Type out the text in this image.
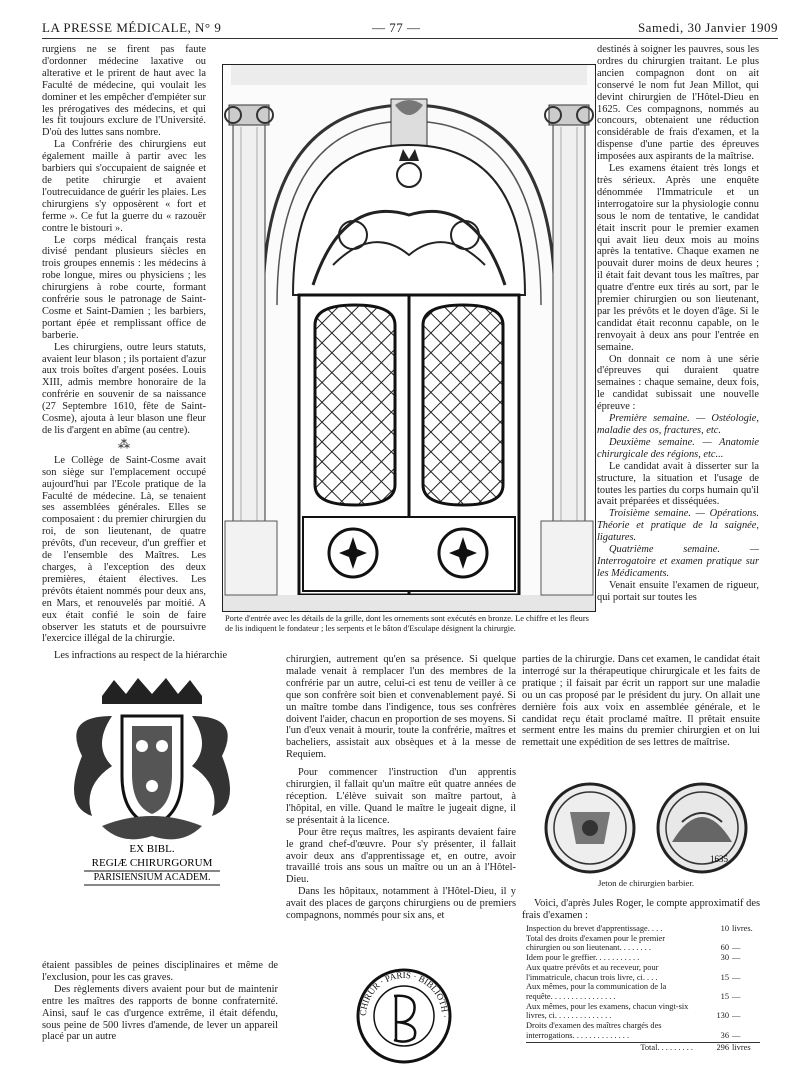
LA PRESSE MÉDICALE, N° 9	— 77 —	Samedi, 30 Janvier 1909

rurgiens ne se firent pas faute d'ordonner médecine laxative ou alterative et le prirent de haut avec la Faculté de médecine, qui voulait les dominer et les empêcher d'empiéter sur les prérogatives des médecins, et qui les fit toujours exclure de l'Université. D'où des luttes sans nombre.

La Confrérie des chirurgiens eut également maille à partir avec les barbiers qui s'occupaient de saignée et de petite chirurgie et avaient l'outrecuidance de guérir les plaies. Les chirurgiens s'y opposèrent « fort et ferme ». Ce fut la guerre du « razouër contre le bistouri ».

Le corps médical français resta divisé pendant plusieurs siècles en trois groupes ennemis : les médecins à robe longue, mires ou physiciens ; les chirurgiens à robe courte, formant confrérie sous le patronage de Saint-Cosme et Saint-Damien ; les barbiers, portant épée et remplissant office de barberie.

Les chirurgiens, outre leurs statuts, avaient leur blason ; ils portaient d'azur aux trois boîtes d'argent posées. Louis XIII, admis membre honoraire de la confrérie en souvenir de sa naissance (27 Septembre 1610, fête de Saint-Cosme), ajouta à leur blason une fleur de lis d'argent en abîme (au centre).

⁂

Le Collège de Saint-Cosme avait son siège sur l'emplacement occupé aujourd'hui par l'Ecole pratique de la Faculté de médecine. Là, se tenaient ses assemblées générales. Elles se composaient : du premier chirurgien du roi, de son lieutenant, de quatre prévôts, d'un receveur, d'un greffier et de l'ensemble des Maîtres. Les charges, à l'exception des deux premières, étaient électives. Les prévôts étaient nommés pour deux ans, en Mars, et renouvelés par moitié. A eux était confié le soin de faire observer les statuts et de poursuivre l'exercice illégal de la chirurgie.

Les infractions au respect de la hiérarchie

Porte d'entrée avec les détails de la grille, dont les ornements sont exécutés en bronze. Le chiffre et les fleurs de lis indiquent le fondateur ; les serpents et le bâton d'Esculape désignent la chirurgie.
EX BIBL.
REGIÆ CHIRURGORUM
PARISIENSIUM ACADEM.

étaient passibles de peines disciplinaires et même de l'exclusion, pour les cas graves.

Des règlements divers avaient pour but de maintenir entre les maîtres des rapports de bonne confraternité. Ainsi, sauf le cas d'urgence extrême, il était défendu, sous peine de 500 livres d'amende, de lever un appareil placé par un autre

chirurgien, autrement qu'en sa présence. Si quelque malade venait à remplacer l'un des membres de la confrérie par un autre, celui-ci est tenu de veiller à ce que son confrère soit bien et convenablement payé. Si un maître tombe dans l'indigence, tous ses confrères doivent l'aider, chacun en proportion de ses moyens. Si l'un d'eux venait à mourir, toute la confrérie, maîtres et bacheliers, assistait aux obsèques et à la messe de Requiem.

Pour commencer l'instruction d'un apprentis chirurgien, il fallait qu'un maître eût quatre années de réception. L'élève suivait son maître partout, à l'hôpital, en ville. Quand le maître le jugeait digne, il se présentait à la licence.

Pour être reçus maîtres, les aspirants devaient faire le grand chef-d'œuvre. Pour s'y présenter, il fallait avoir deux ans d'apprentissage et, en outre, avoir travaillé trois ans sous un maître ou un an à l'Hôtel-Dieu.

Dans les hôpitaux, notamment à l'Hôtel-Dieu, il y avait des places de garçons chirurgiens ou de premiers compagnons, nommés pour six ans, et

CHIRUR · PARIS · BIBLIOTH ·

destinés à soigner les pauvres, sous les ordres du chirurgien traitant. Le plus ancien compagnon dont on ait conservé le nom fut Jean Millot, qui devint chirurgien de l'Hôtel-Dieu en 1625. Ces compagnons, nommés au concours, obtenaient une réduction considérable de frais d'examen, et la dispense d'une partie des épreuves imposées aux aspirants de la maîtrise.

Les examens étaient très longs et très sérieux. Après une enquête dénommée l'Immatricule et un interrogatoire sur la physiologie connu sous le nom de tentative, le candidat était inscrit pour le premier examen qui avait lieu deux mois au moins après la tentative. Chaque examen ne pouvait durer moins de deux heures ; il était fait devant tous les maîtres, par quatre d'entre eux tirés au sort, par le premier chirurgien ou son lieutenant, par les prévôts et le doyen d'âge. Si le candidat était reconnu capable, on le renvoyait à deux ans pour l'entrée en semaine.

On donnait ce nom à une série d'épreuves qui duraient quatre semaines : chaque semaine, deux fois, le candidat subissait une nouvelle épreuve :

Première semaine. — Ostéologie, maladie des os, fractures, etc.

Deuxième semaine. — Anatomie chirurgicale des régions, etc...

Le candidat avait à disserter sur la structure, la situation et l'usage de toutes les parties du corps humain qu'il avait préparées et disséquées.

Troisième semaine. — Opérations. Théorie et pratique de la saignée, ligatures.

Quatrième semaine. — Interrogatoire et examen pratique sur les Médicaments.

Venait ensuite l'examen de rigueur, qui portait sur toutes les

parties de la chirurgie. Dans cet examen, le candidat était interrogé sur la thérapeutique chirurgicale et les faits de pratique ; il faisait par écrit un rapport sur une maladie ou un cas proposé par le président du jury. On allait une dernière fois aux voix en assemblée générale, et le candidat reçu était proclamé maître. Il prêtait ensuite serment entre les mains du premier chirurgien et on lui remettait une expédition de ses lettres de maîtrise.

1635
Jeton de chirurgien barbier.

Voici, d'après Jules Roger, le compte approximatif des frais d'examen :

Inspection du brevet d'apprentissage. . . .	10 livres.
Total des droits d'examen pour le premier chirurgien ou son lieutenant. . . . . . . .	60 —
Idem pour le greffier. . . . . . . . . . .	30 —
Aux quatre prévôts et au receveur, pour l'immatricule, chacun trois livre, ci. . . .	15 —
Aux mêmes, pour la communication de la requête. . . . . . . . . . . . . . . .	15 —
Aux mêmes, pour les examens, chacun vingt-six livres, ci. . . . . . . . . . . . . .	130 —
Droits d'examen des maîtres chargés des interrogations. . . . . . . . . . . . . .	36 —
Total. . . . . . . . .	296 livres
